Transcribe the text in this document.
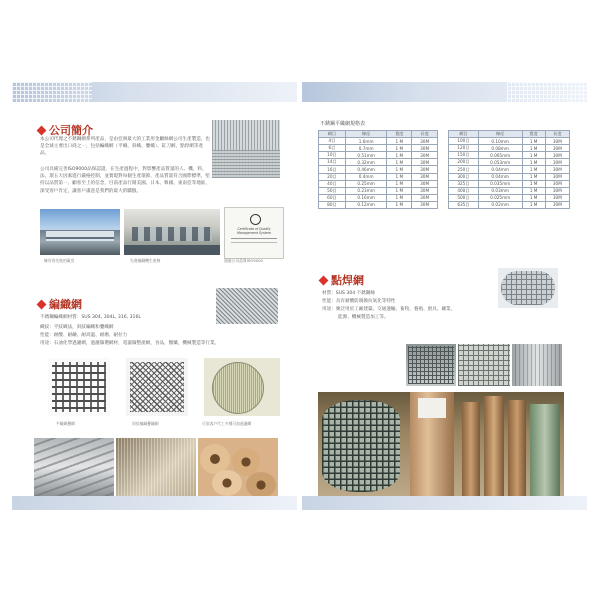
公司簡介
本公司代理之不銹鋼網系列產品，是由亞洲最大的工業用金屬絲網公司生產製造，也是全球主要出口商之一，包括編織網（平織、斜織、疊織）、缸刀網、點焊網等產品。
公司具備完善ISO9000品保認證，在生產過程中，對影響產品質量的人、機、料、法、環五大因素進行嚴格控制，並實現對每個生產環節，產品質量符合國際標準，堅持以品質第一、顧客至上的信念，目前產品行銷美國、日本、韓國、東南亞等地區，深受客戶肯定，讓客戶滿意是我們的最大的驕傲。
Certificate of Quality Management System
擁有的先進的廠房	先進編織機生產線	通過公司品質ISO9000
編織網
不銹鋼編織網材質：SUS 304, 304L, 316, 316L
織紋：平紋織法，斜紋編織和疊織網
性能：耐酸、耐鹼、耐高溫、耐磨、耐拉力
用途：石油化學過濾網，過濾篩選網材，電器篩整流網，食品，醫藥，機械製造等行業。
平織網疊網	斜紋編織疊織網	可依客戶代工多種可加過濾網
不銹鋼平織網規格表
網目	線徑	寬度	長度
4目	1.6mm	1 M	30M
6目	0.7mm	1 M	30M
10目	0.51mm	1 M	30M
14目	0.32mm	1 M	30M
16目	0.46mm	1 M	30M
20目	0.4mm	1 M	30M
40目	0.25mm	1 M	30M
50目	0.23mm	1 M	30M
60目	0.16mm	1 M	30M
80目	0.12mm	1 M	30M
網目	線徑	寬度	長度
100目	0.10mm	1 M	30M
120目	0.08mm	1 M	30M
150目	0.065mm	1 M	30M
200目	0.053mm	1 M	30M
250目	0.04mm	1 M	30M
300目	0.04mm	1 M	30M
325目	0.035mm	1 M	30M
400目	0.03mm	1 M	30M
500目	0.025mm	1 M	30M
635目	0.02mm	1 M	30M
點焊網
材質：SUS 304 不銹鋼絲
性能：具有耐酸防腐蝕抗氧化等特性
用途：廣泛用於工廠建築、交通運輸、畜牧、養殖、廚具、礦業、
能源、機械製造加工等。
